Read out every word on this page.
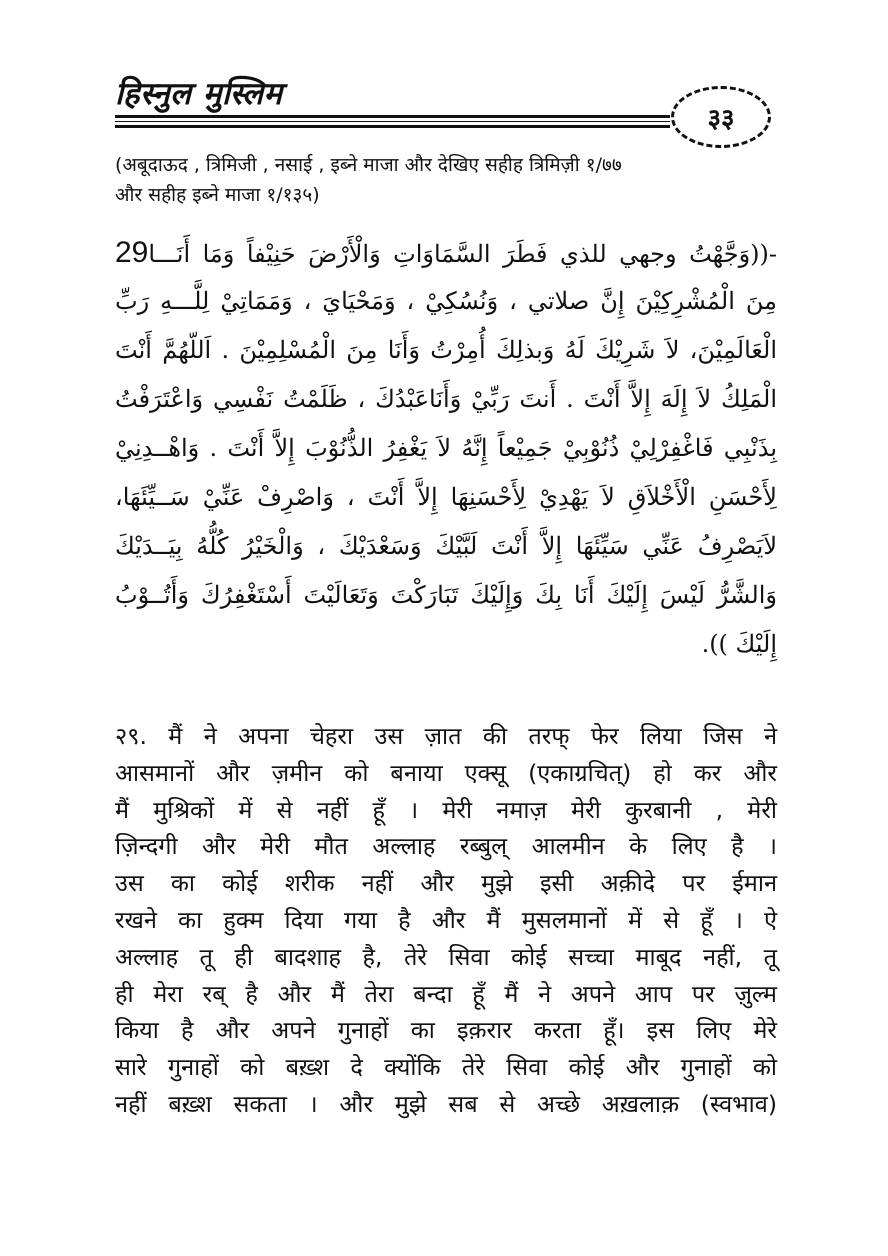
हिस्नुल मुस्लिम
३३
(अबूदाऊद , त्रिमिजी , नसाई , इब्ने माजा और देखिए सहीह त्रिमिज़ी १/७७
और सहीह इब्ने माजा १/१३५)
-((وَجَّهْتُ وجهي للذي فَطَرَ السَّمَاوَاتِ وَالْأَرْضَ حَنِيْفاً وَمَا أَنَـــا29
مِنَ الْمُشْرِكِيْنَ إِنَّ صلاتي ، وَنُسُكِيْ ، وَمَحْيَايَ ، وَمَمَاتِيْ لِلَّـــهِ رَبِّ
الْعَالَمِيْنَ، لاَ شَرِيْكَ لَهُ وَبذلِكَ أُمِرْتُ وَأَنَا مِنَ الْمُسْلِمِيْنَ . اَللّهُمَّ أَنْتَ
الْمَلِكُ لاَ إِلَهَ إِلاَّ أَنْتَ . أَنتَ رَبِّيْ وَأَنَاعَبْدُكَ ، ظَلَمْتُ نَفْسِي وَاعْتَرَفْتُ
بِذَنْبِي فَاغْفِرْلِيْ ذُنُوْبِيْ جَمِيْعاً إِنَّهُ لاَ يَغْفِرُ الذُّنُوْبَ إِلاَّ أَنْتَ . وَاهْــدِنِيْ
لِأَحْسَنِ الْأَخْلاَقِ لاَ يَهْدِيْ لِأَحْسَنِهَا إِلاَّ أَنْتَ ، وَاصْرِفْ عَنِّيْ سَــيِّئَهَا،
لاَيَصْرِفُ عَنِّي سَيِّئَهَا إِلاَّ أَنْتَ لَبَّيْكَ وَسَعْدَيْكَ ، وَالْخَيْرُ كُلُّهُ بِيَــدَيْكَ
وَالشَّرُّ لَيْسَ إِلَيْكَ أَنَا بِكَ وَإِلَيْكَ تَبَارَكْتَ وَتَعَالَيْتَ أَسْتَغْفِرُكَ وَأَتُــوْبُ
إِلَيْكَ )).
२९. मैं ने अपना चेहरा उस ज़ात की तरफ् फेर लिया जिस ने
आसमानों और ज़मीन को बनाया एक्सू (एकाग्रचित्) हो कर और
मैं मुश्रिकों में से नहीं हूँ । मेरी नमाज़ मेरी कुरबानी , मेरी
ज़िन्दगी और मेरी मौत अल्लाह रब्बुल् आलमीन के लिए है ।
उस का कोई शरीक नहीं और मुझे इसी अक़ीदे पर ईमान
रखने का हुक्म दिया गया है और मैं मुसलमानों में से हूँ । ऐ
अल्लाह तू ही बादशाह है, तेरे सिवा कोई सच्चा माबूद नहीं, तू
ही मेरा रब् है और मैं तेरा बन्दा हूँ मैं ने अपने आप पर ज़ुल्म
किया है और अपने गुनाहों का इक़रार करता हूँ। इस लिए मेरे
सारे गुनाहों को बख़्श दे क्योंकि तेरे सिवा कोई और गुनाहों को
नहीं बख़्श सकता । और मुझे सब से अच्छे अख़लाक़ (स्वभाव)
